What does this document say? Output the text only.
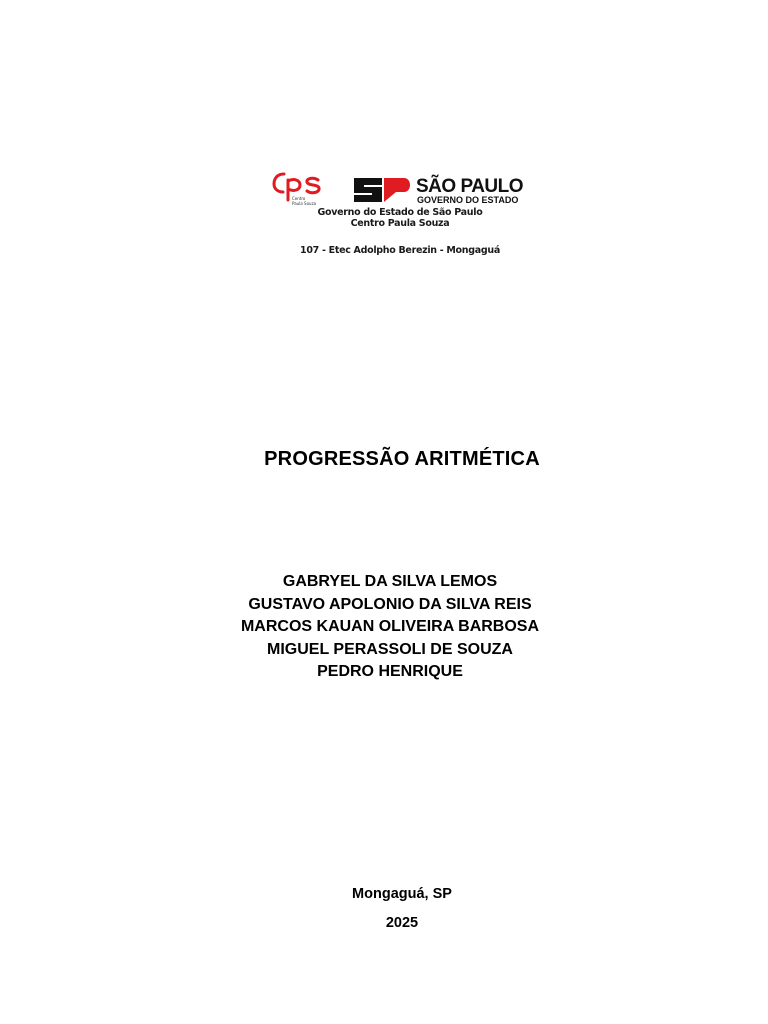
Centro
Paula Souza
SÃO PAULO
GOVERNO DO ESTADO
Governo do Estado de São Paulo
Centro Paula Souza
107 - Etec Adolpho Berezin - Mongaguá
PROGRESSÃO ARITMÉTICA
GABRYEL DA SILVA LEMOS
GUSTAVO APOLONIO DA SILVA REIS
MARCOS KAUAN OLIVEIRA BARBOSA
MIGUEL PERASSOLI DE SOUZA
PEDRO HENRIQUE
Mongaguá, SP
2025
